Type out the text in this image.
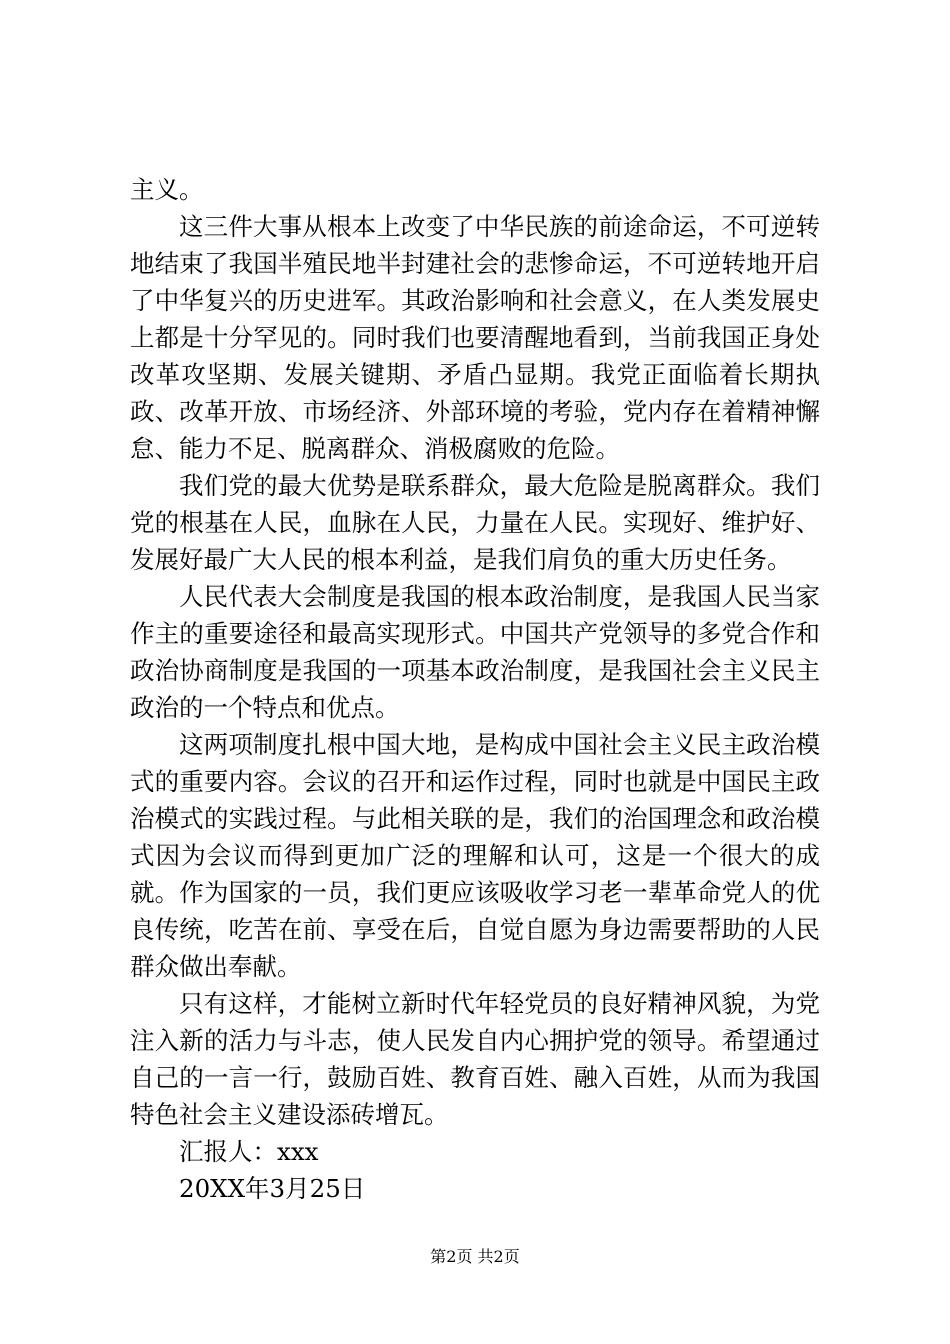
主义。

这三件大事从根本上改变了中华民族的前途命运，不可逆转地结束了我国半殖民地半封建社会的悲惨命运，不可逆转地开启了中华复兴的历史进军。其政治影响和社会意义，在人类发展史上都是十分罕见的。同时我们也要清醒地看到，当前我国正身处改革攻坚期、发展关键期、矛盾凸显期。我党正面临着长期执政、改革开放、市场经济、外部环境的考验，党内存在着精神懈怠、能力不足、脱离群众、消极腐败的危险。

我们党的最大优势是联系群众，最大危险是脱离群众。我们党的根基在人民，血脉在人民，力量在人民。实现好、维护好、发展好最广大人民的根本利益，是我们肩负的重大历史任务。

人民代表大会制度是我国的根本政治制度，是我国人民当家作主的重要途径和最高实现形式。中国共产党领导的多党合作和政治协商制度是我国的一项基本政治制度，是我国社会主义民主政治的一个特点和优点。

这两项制度扎根中国大地，是构成中国社会主义民主政治模式的重要内容。会议的召开和运作过程，同时也就是中国民主政治模式的实践过程。与此相关联的是，我们的治国理念和政治模式因为会议而得到更加广泛的理解和认可，这是一个很大的成就。作为国家的一员，我们更应该吸收学习老一辈革命党人的优良传统，吃苦在前、享受在后，自觉自愿为身边需要帮助的人民群众做出奉献。

只有这样，才能树立新时代年轻党员的良好精神风貌，为党注入新的活力与斗志，使人民发自内心拥护党的领导。希望通过自己的一言一行，鼓励百姓、教育百姓、融入百姓，从而为我国特色社会主义建设添砖增瓦。

汇报人：xxx

20XX年3月25日

第2页 共2页
